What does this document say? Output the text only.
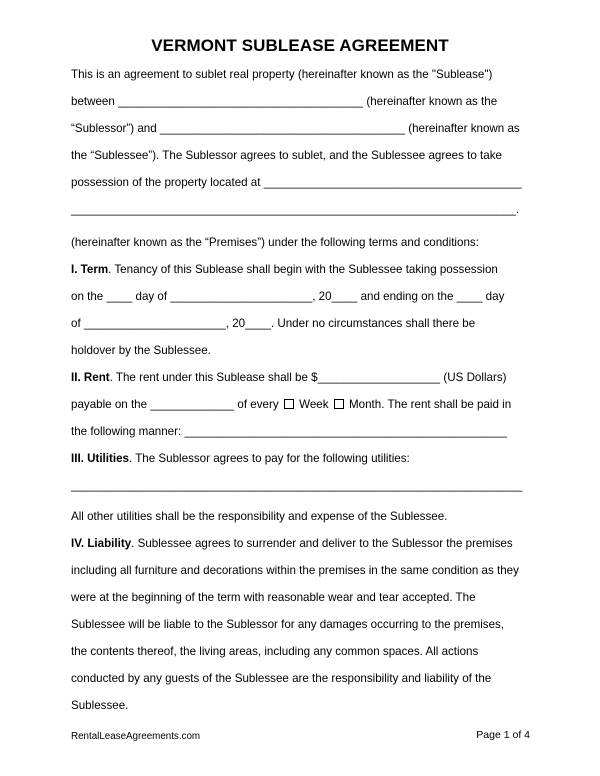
VERMONT SUBLEASE AGREEMENT
This is an agreement to sublet real property (hereinafter known as the "Sublease")
between ______________________________________ (hereinafter known as the
“Sublessor”) and ______________________________________ (hereinafter known as
the “Sublessee”). The Sublessor agrees to sublet, and the Sublessee agrees to take
possession of the property located at ________________________________________
_____________________________________________________________________.
(hereinafter known as the “Premises”) under the following terms and conditions:
I. Term. Tenancy of this Sublease shall begin with the Sublessee taking possession
on the ____ day of ______________________, 20____ and ending on the ____ day
of ______________________, 20____. Under no circumstances shall there be
holdover by the Sublessee.
II. Rent. The rent under this Sublease shall be $___________________ (US Dollars)
payable on the _____________ of every Week Month. The rent shall be paid in
the following manner: __________________________________________________
III. Utilities. The Sublessor agrees to pay for the following utilities:
______________________________________________________________________
All other utilities shall be the responsibility and expense of the Sublessee.
IV. Liability. Sublessee agrees to surrender and deliver to the Sublessor the premises
including all furniture and decorations within the premises in the same condition as they
were at the beginning of the term with reasonable wear and tear accepted. The
Sublessee will be liable to the Sublessor for any damages occurring to the premises,
the contents thereof, the living areas, including any common spaces. All actions
conducted by any guests of the Sublessee are the responsibility and liability of the
Sublessee.
RentalLeaseAgreements.com	Page 1 of 4
